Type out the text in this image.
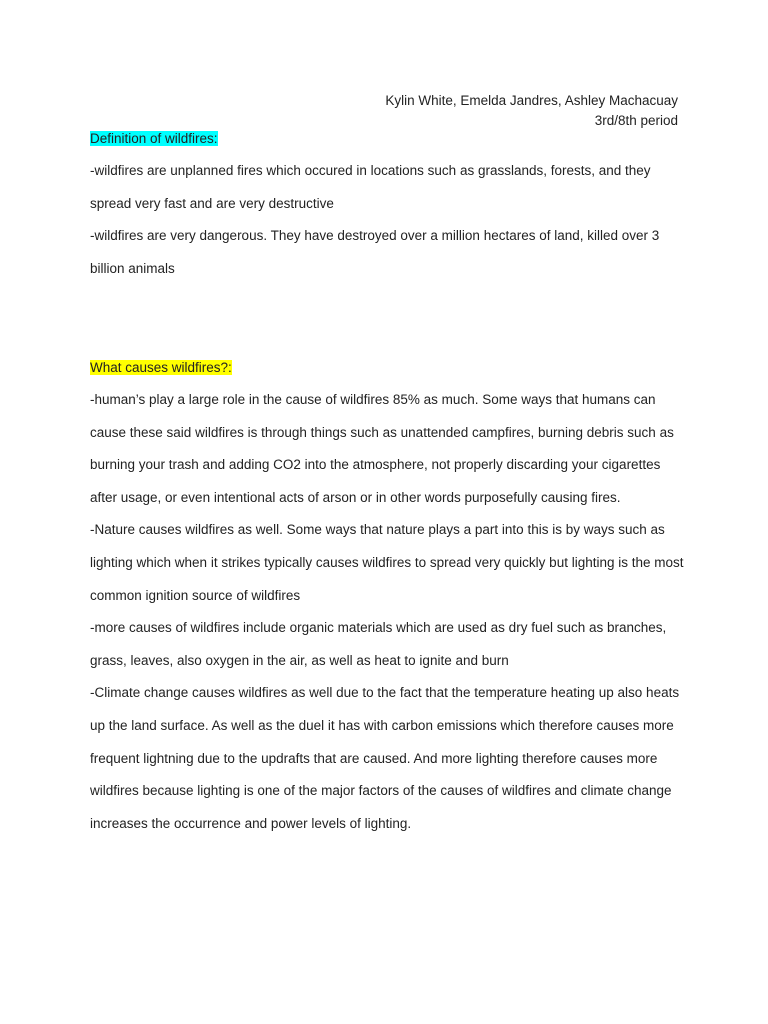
Kylin White, Emelda Jandres, Ashley Machacuay
3rd/8th period
Definition of wildfires:

-wildfires are unplanned fires which occured in locations such as grasslands, forests, and they spread very fast and are very destructive

-wildfires are very dangerous. They have destroyed over a million hectares of land, killed over 3 billion animals

What causes wildfires?:

-human’s play a large role in the cause of wildfires 85% as much. Some ways that humans can cause these said wildfires is through things such as unattended campfires, burning debris such as burning your trash and adding CO2 into the atmosphere, not properly discarding your cigarettes after usage, or even intentional acts of arson or in other words purposefully causing fires.

-Nature causes wildfires as well. Some ways that nature plays a part into this is by ways such as lighting which when it strikes typically causes wildfires to spread very quickly but lighting is the most common ignition source of wildfires

-more causes of wildfires include organic materials which are used as dry fuel such as branches, grass, leaves, also oxygen in the air, as well as heat to ignite and burn

-Climate change causes wildfires as well due to the fact that the temperature heating up also heats up the land surface. As well as the duel it has with carbon emissions which therefore causes more frequent lightning due to the updrafts that are caused. And more lighting therefore causes more wildfires because lighting is one of the major factors of the causes of wildfires and climate change increases the occurrence and power levels of lighting.
